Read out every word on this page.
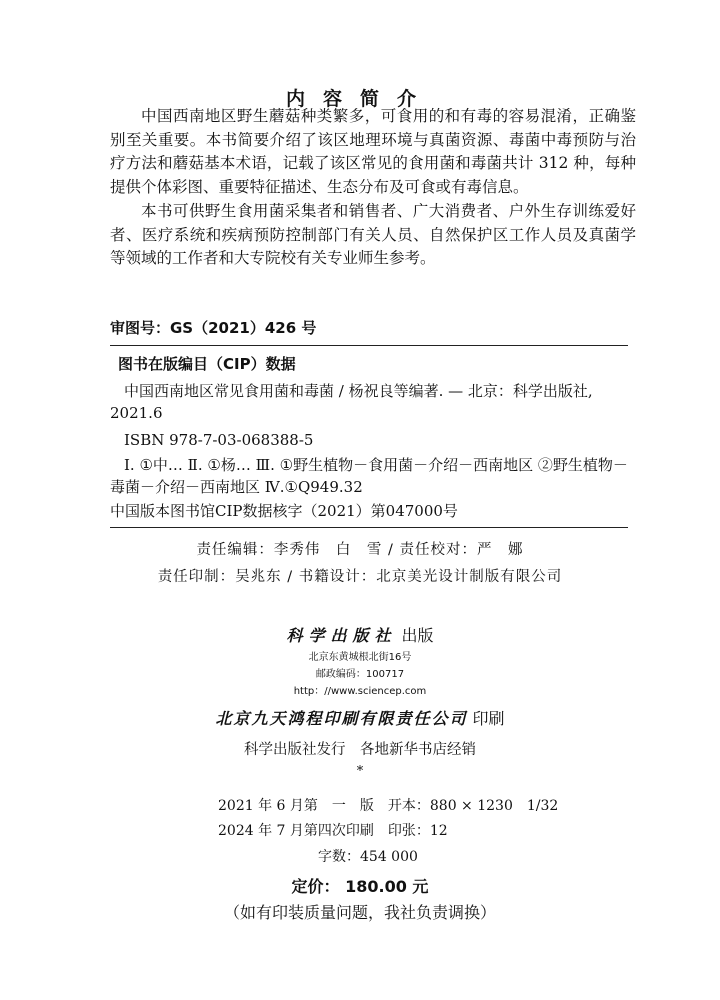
内容简介

中国西南地区野生蘑菇种类繁多，可食用的和有毒的容易混淆，正确鉴别至关重要。本书简要介绍了该区地理环境与真菌资源、毒菌中毒预防与治疗方法和蘑菇基本术语，记载了该区常见的食用菌和毒菌共计 312 种，每种提供个体彩图、重要特征描述、生态分布及可食或有毒信息。

本书可供野生食用菌采集者和销售者、广大消费者、户外生存训练爱好者、医疗系统和疾病预防控制部门有关人员、自然保护区工作人员及真菌学等领域的工作者和大专院校有关专业师生参考。

审图号：GS（2021）426 号
图书在版编目（CIP）数据

中国西南地区常见食用菌和毒菌 / 杨祝良等编著. — 北京：科学出版社, 2021.6

ISBN 978-7-03-068388-5

Ⅰ. ①中… Ⅱ. ①杨… Ⅲ. ①野生植物－食用菌－介绍－西南地区 ②野生植物－毒菌－介绍－西南地区 Ⅳ.①Q949.32

中国版本图书馆CIP数据核字（2021）第047000号

责任编辑：李秀伟　白　雪 / 责任校对：严　娜
责任印制：吴兆东 / 书籍设计：北京美光设计制版有限公司
科学出版社 出版
北京东黄城根北街16号
邮政编码：100717
http：//www.sciencep.com
北京九天鸿程印刷有限责任公司 印刷
科学出版社发行　各地新华书店经销
*
2021 年 6 月第　一　版　开本：880 × 1230　1/32
2024 年 7 月第四次印刷　印张：12
字数：454 000
定价： 180.00 元
（如有印装质量问题，我社负责调换）
